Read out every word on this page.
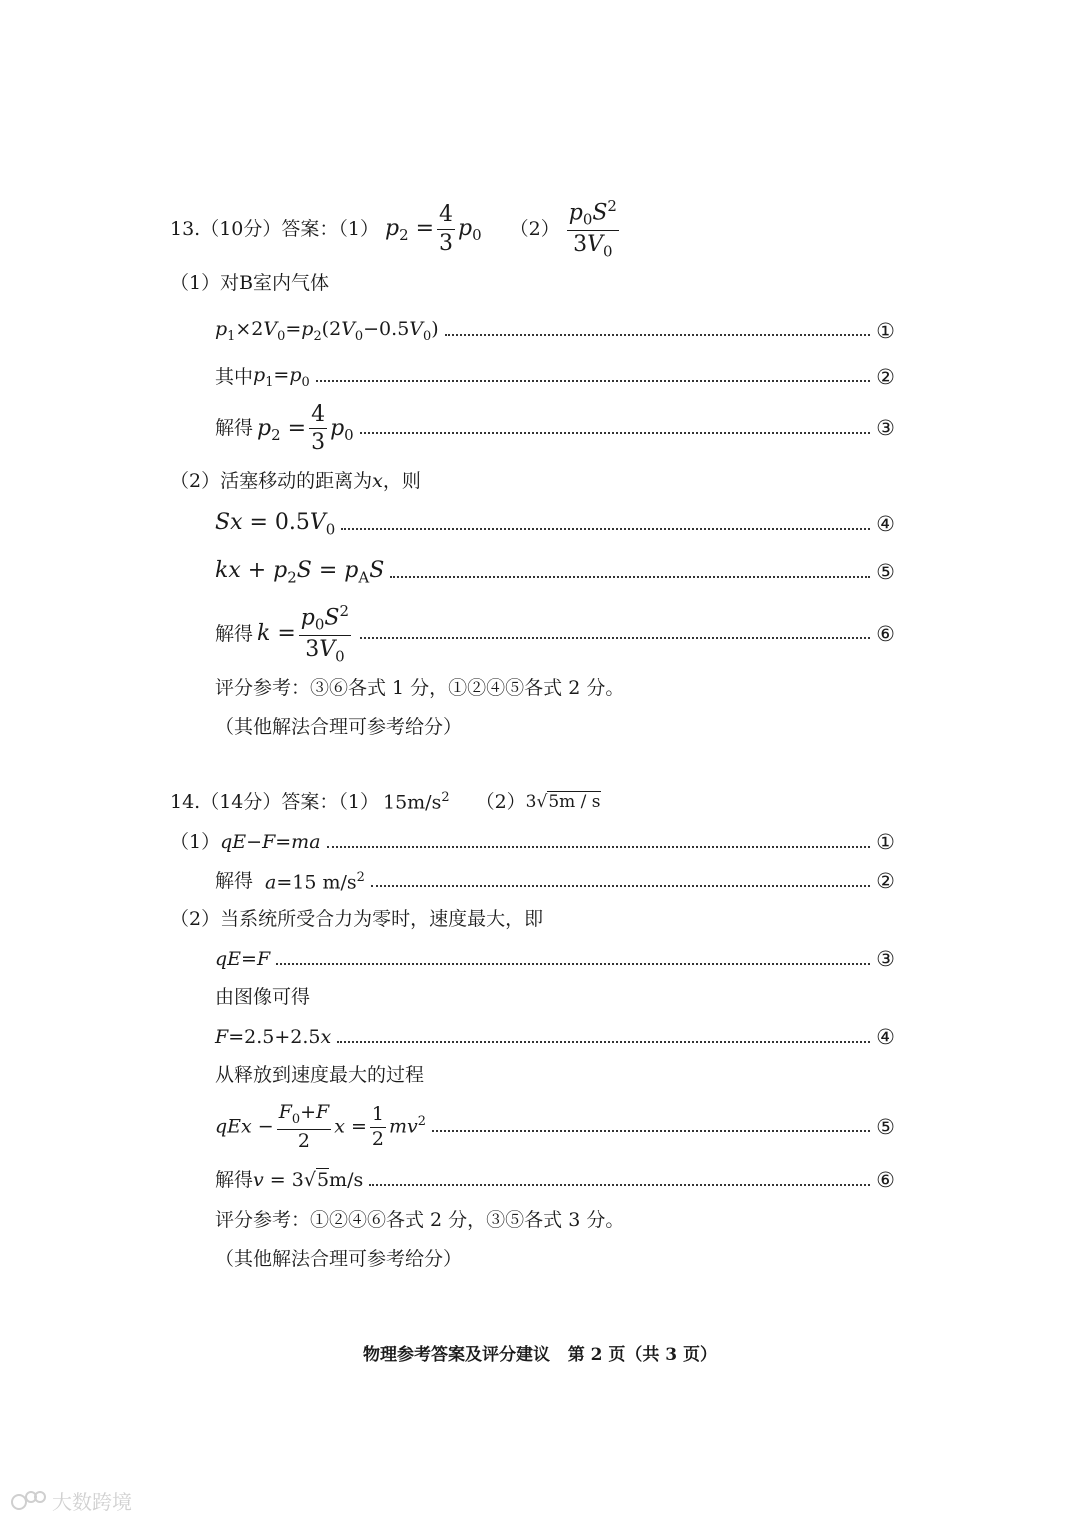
13.（10分）答案：（1） $p_2 = \frac{4}{3} p_0$ $(2) \frac{p_0S^2}{3V_0}$
（1）对B室内气体
$p_1\times 2V_0=p_2(2V_0-0.5V_0)$	①
其中 $p_1=p_0$	②
解得 $p_2 = \frac{4}{3} p_0$	③
（2）活塞移动的距离为 x ，则
$Sx = 0.5V_0$	④
kx + $p_2S = p_AS$	⑤
解得 $k = \frac{p_0S^2}{3V_0}$	⑥
评分参考：③⑥各式 1 分，①②④⑤各式 2 分。
（其他解法合理可参考给分）
14.（14分）答案：（1） $15m/s^2$ （2） 3√5m / s
（1） qE−F=ma	①
解得 a=15 $m/s^2$	②
（2）当系统所受合力为零时，速度最大，即
qE=F	③
由图像可得
F=2.5+2.5x	④
从释放到速度最大的过程
qEx − $\frac{F_0+F}{2}$ $x = \frac{1}{2} mv^2$	⑤
解得 v = 3√5m/s	⑥
评分参考：①②④⑥各式 2 分，③⑤各式 3 分。
（其他解法合理可参考给分）
物理参考答案及评分建议   第 2 页（共 3 页）
大数跨境
